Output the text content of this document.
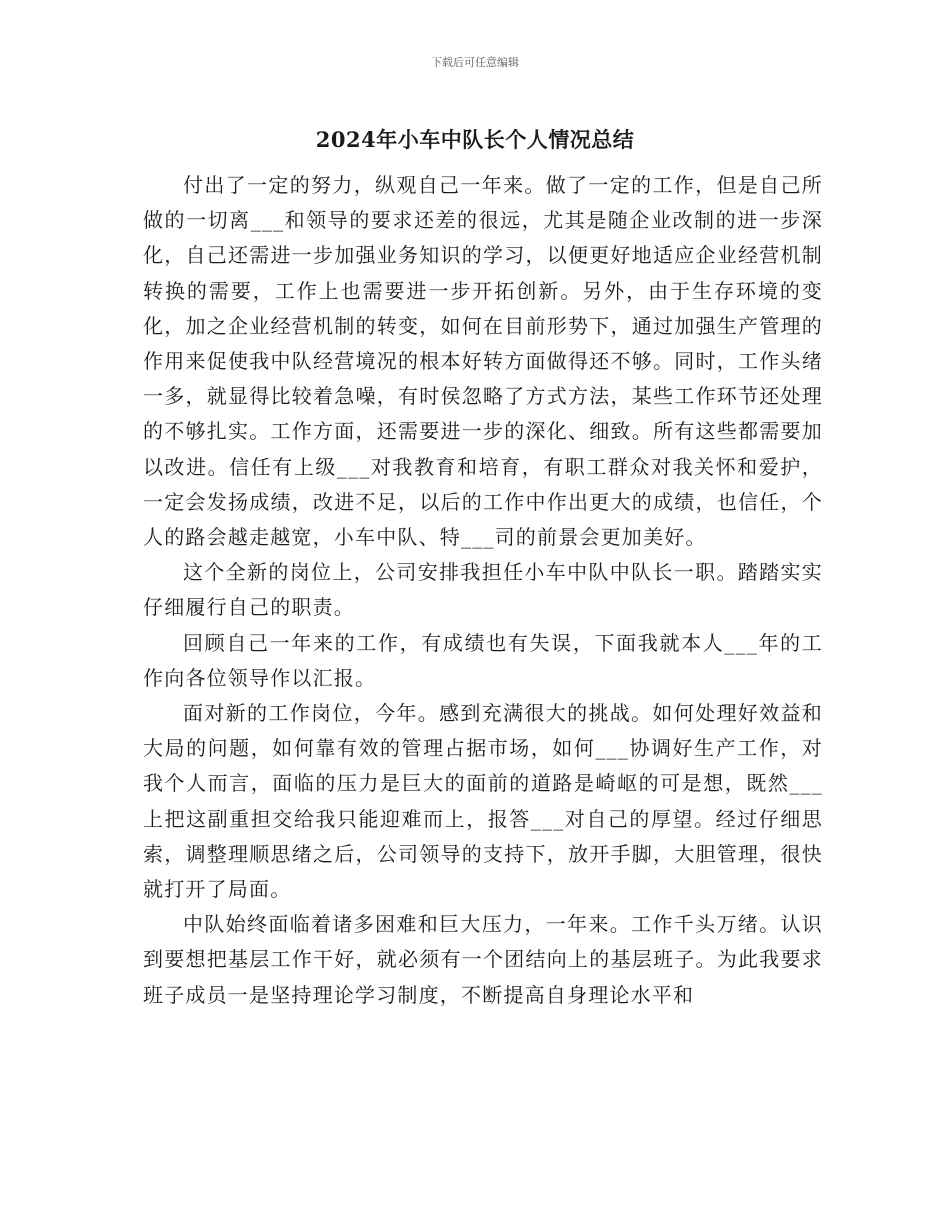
下载后可任意编辑
2024年小车中队长个人情况总结

付出了一定的努力，纵观自己一年来。做了一定的工作，但是自己所做的一切离___和领导的要求还差的很远，尤其是随企业改制的进一步深化，自己还需进一步加强业务知识的学习，以便更好地适应企业经营机制转换的需要，工作上也需要进一步开拓创新。另外，由于生存环境的变化，加之企业经营机制的转变，如何在目前形势下，通过加强生产管理的作用来促使我中队经营境况的根本好转方面做得还不够。同时，工作头绪一多，就显得比较着急噪，有时侯忽略了方式方法，某些工作环节还处理的不够扎实。工作方面，还需要进一步的深化、细致。所有这些都需要加以改进。信任有上级___对我教育和培育，有职工群众对我关怀和爱护，一定会发扬成绩，改进不足，以后的工作中作出更大的成绩，也信任，个人的路会越走越宽，小车中队、特___司的前景会更加美好。

这个全新的岗位上，公司安排我担任小车中队中队长一职。踏踏实实仔细履行自己的职责。

回顾自己一年来的工作，有成绩也有失误，下面我就本人___年的工作向各位领导作以汇报。

面对新的工作岗位，今年。感到充满很大的挑战。如何处理好效益和大局的问题，如何靠有效的管理占据市场，如何___协调好生产工作，对我个人而言，面临的压力是巨大的面前的道路是崎岖的可是想，既然___上把这副重担交给我只能迎难而上，报答___对自己的厚望。经过仔细思索，调整理顺思绪之后，公司领导的支持下，放开手脚，大胆管理，很快就打开了局面。

中队始终面临着诸多困难和巨大压力，一年来。工作千头万绪。认识到要想把基层工作干好，就必须有一个团结向上的基层班子。为此我要求班子成员一是坚持理论学习制度，不断提高自身理论水平和
